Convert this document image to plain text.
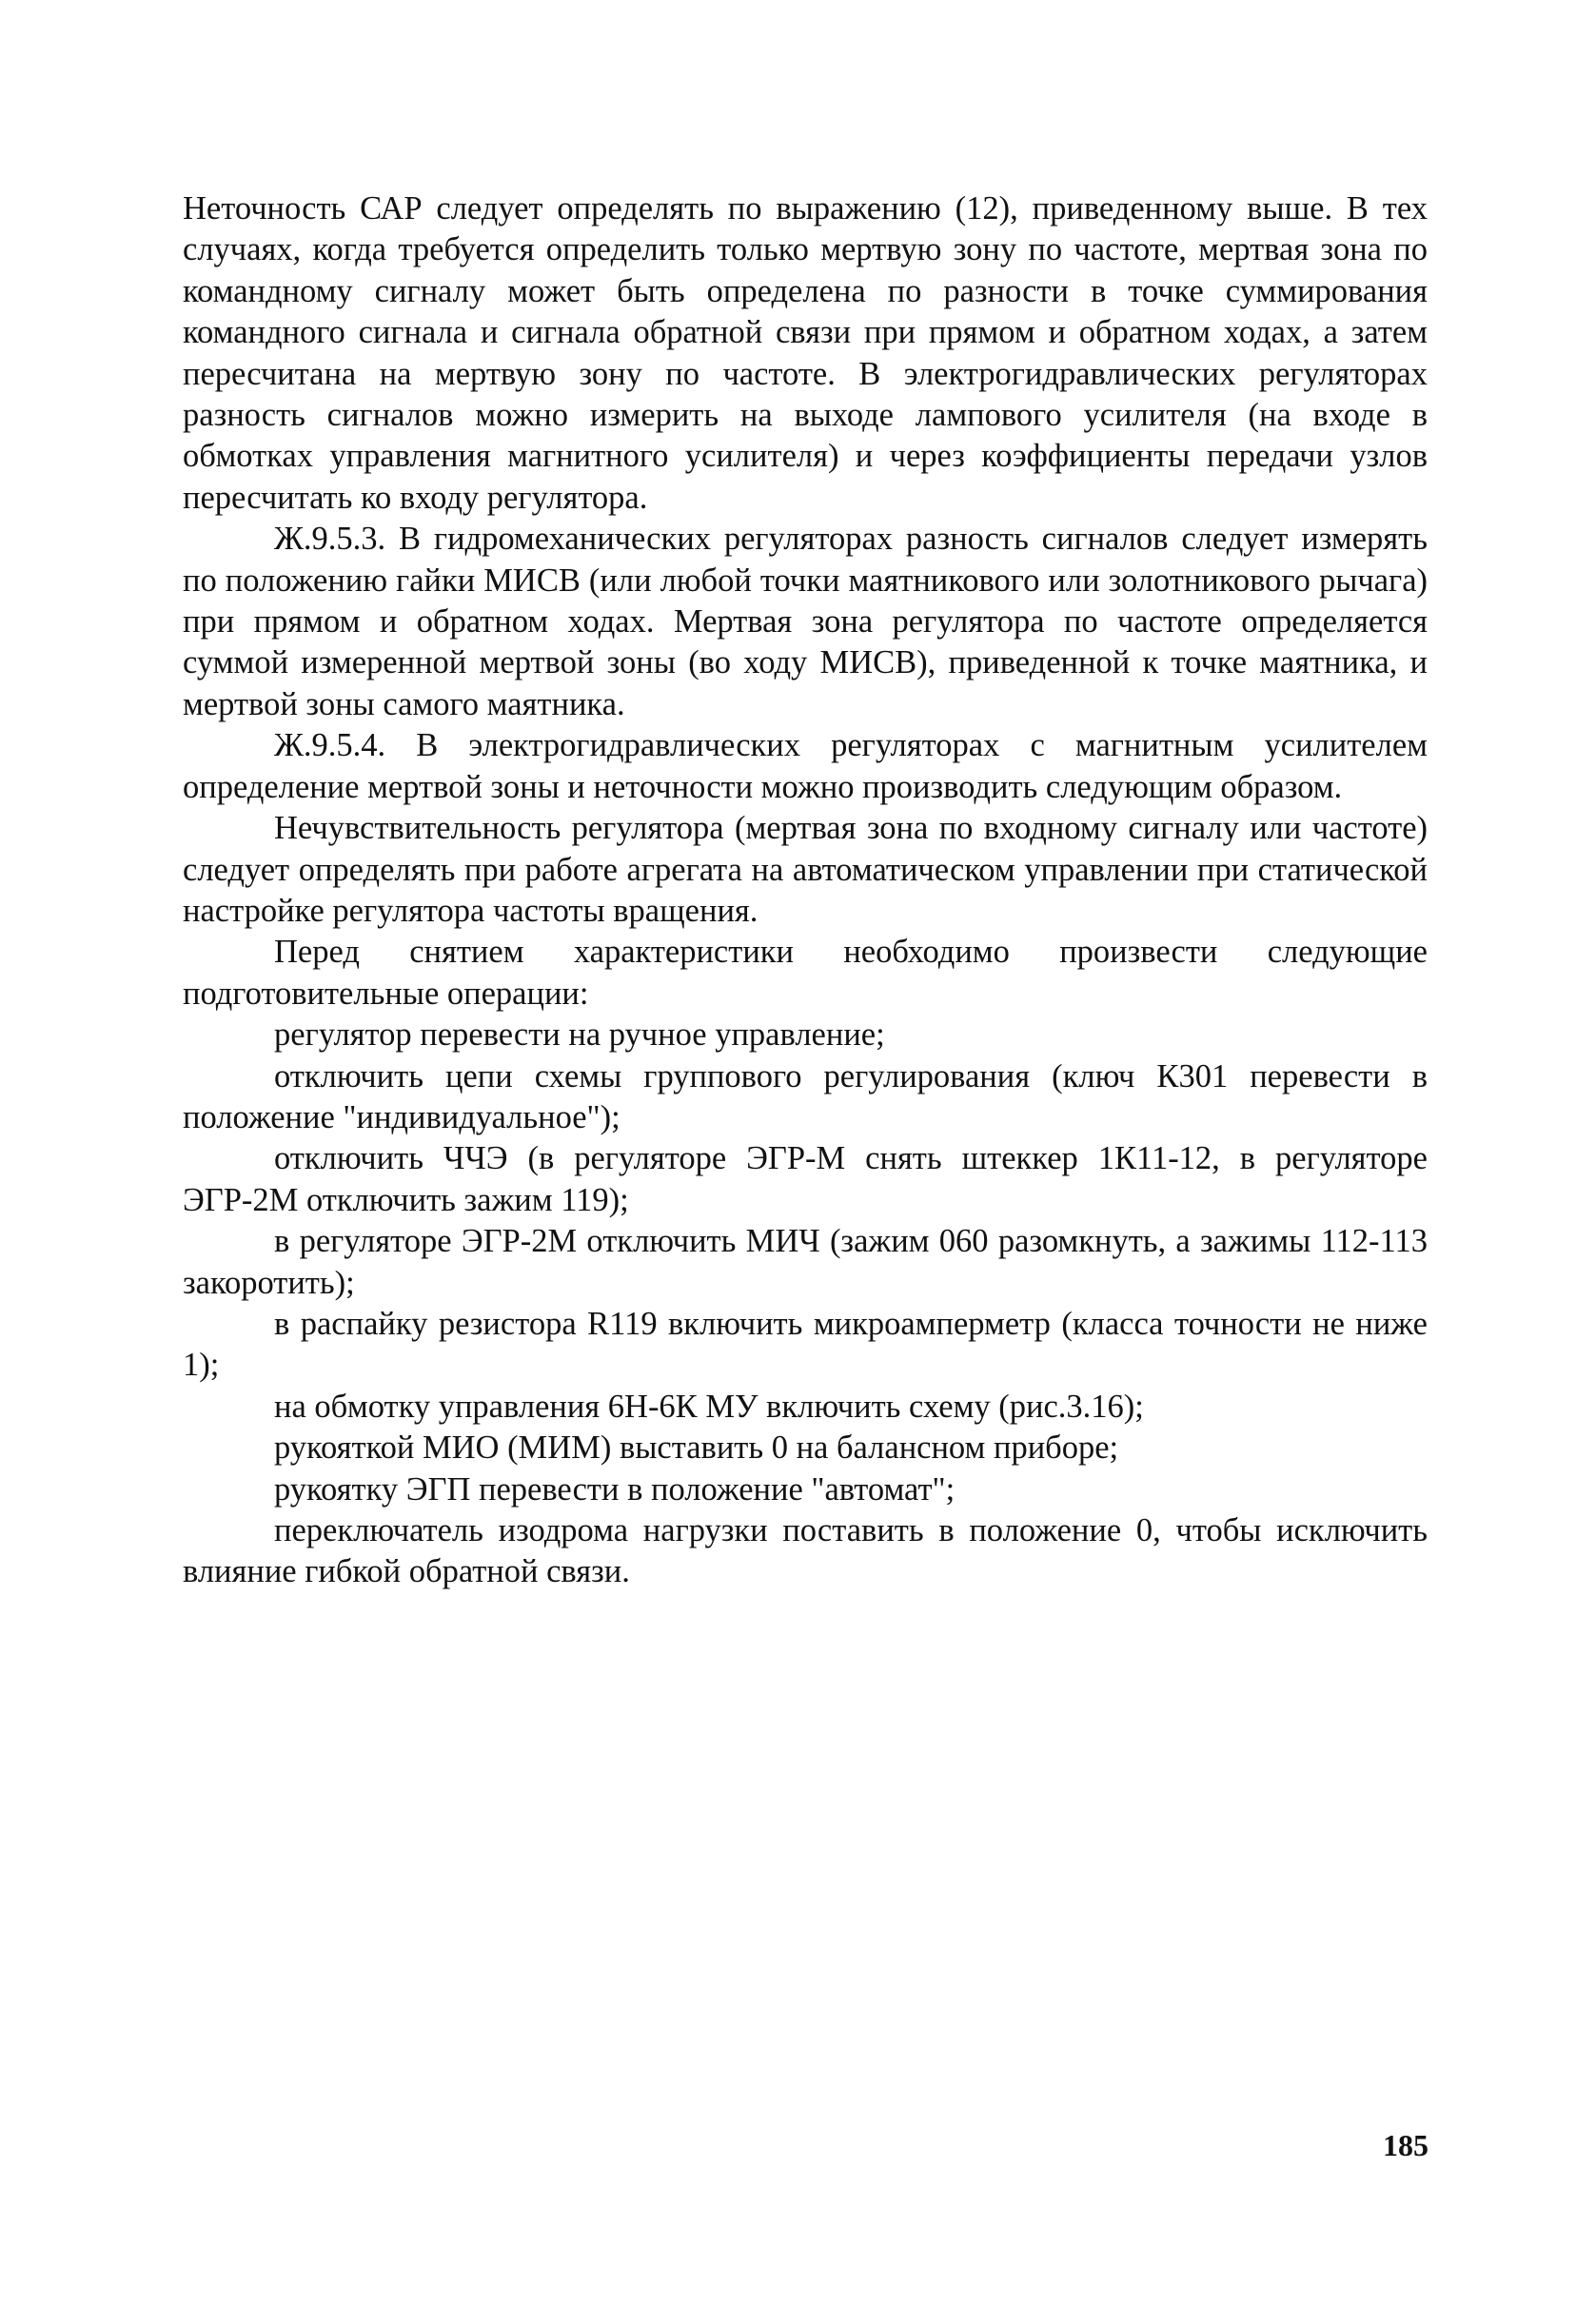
Неточность САР следует определять по выражению (12), приведенному выше. В тех случаях, когда требуется определить только мертвую зону по частоте, мертвая зона по командному сигналу может быть определена по разности в точке суммирования командного сигнала и сигнала обратной связи при прямом и обратном ходах, а затем пересчитана на мертвую зону по частоте. В электрогидравлических регуляторах разность сигналов можно измерить на выходе лампового усилителя (на входе в обмотках управления магнитного усилителя) и через коэффициенты передачи узлов пересчитать ко входу регулятора.

Ж.9.5.3. В гидромеханических регуляторах разность сигналов следует измерять по положению гайки МИСВ (или любой точки маятникового или золотникового рычага) при прямом и обратном ходах. Мертвая зона регулятора по частоте определяется суммой измеренной мертвой зоны (во ходу МИСВ), приведенной к точке маятника, и мертвой зоны самого маятника.

Ж.9.5.4. В электрогидравлических регуляторах с магнитным усилителем определение мертвой зоны и неточности можно производить следующим образом.

Нечувствительность регулятора (мертвая зона по входному сигналу или частоте) следует определять при работе агрегата на автоматическом управлении при статической настройке регулятора частоты вращения.

Перед снятием характеристики необходимо произвести следующие подготовительные операции:

регулятор перевести на ручное управление;

отключить цепи схемы группового регулирования (ключ К301 перевести в положение "индивидуальное");

отключить ЧЧЭ (в регуляторе ЭГР-М снять штеккер 1К11-12, в регуляторе ЭГР-2М отключить зажим 119);

в регуляторе ЭГР-2М отключить МИЧ (зажим 060 разомкнуть, а зажимы 112-113 закоротить);

в распайку резистора R119 включить микроамперметр (класса точности не ниже 1);

на обмотку управления 6Н-6К МУ включить схему (рис.3.16);

рукояткой МИО (МИМ) выставить 0 на балансном приборе;

рукоятку ЭГП перевести в положение "автомат";

переключатель изодрома нагрузки поставить в положение 0, чтобы исключить влияние гибкой обратной связи.

185
